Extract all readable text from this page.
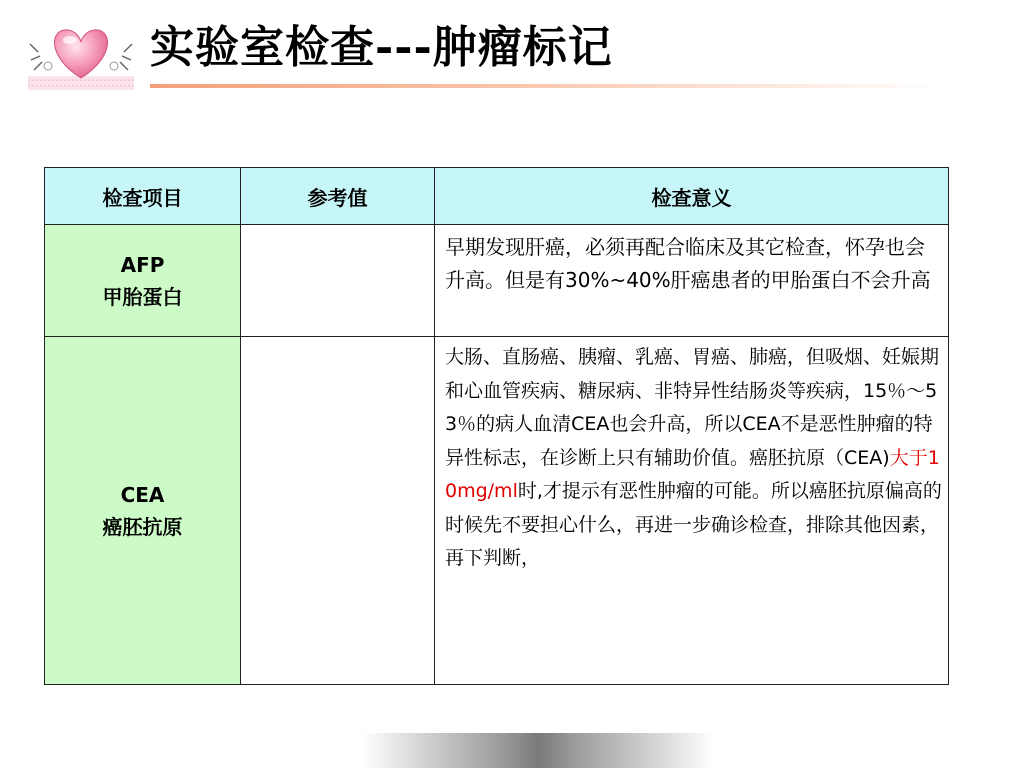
实验室检查---肿瘤标记
检查项目	参考值	检查意义

AFP
甲胎蛋白		早期发现肝癌，必须再配合临床及其它检查，怀孕也会升高。但是有30%~40%肝癌患者的甲胎蛋白不会升高

CEA
癌胚抗原		大肠、直肠癌、胰瘤、乳癌、胃癌、肺癌，但吸烟、妊娠期和心血管疾病、糖尿病、非特异性结肠炎等疾病，15％～53％的病人血清CEA也会升高，所以CEA不是恶性肿瘤的特异性标志，在诊断上只有辅助价值。癌胚抗原（CEA)大于10mg/ml时,才提示有恶性肿瘤的可能。所以癌胚抗原偏高的时候先不要担心什么，再进一步确诊检查，排除其他因素，再下判断，
